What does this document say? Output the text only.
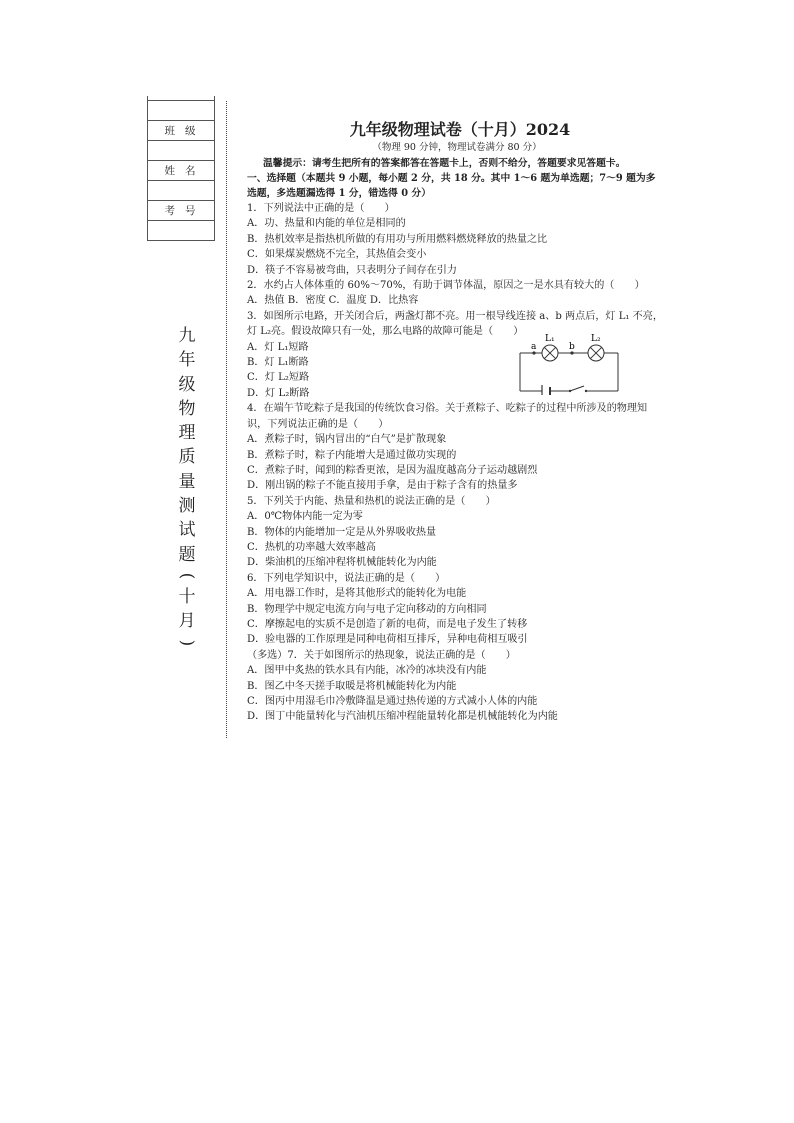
班级
姓名
考号
九
年
级
物
理
质
量
测
试
题
(
十
月
)
九年级物理试卷（十月）2024
（物理 90 分钟，物理试卷满分 80 分）
温馨提示：请考生把所有的答案都答在答题卡上，否则不给分，答题要求见答题卡。
一、选择题（本题共 9 小题，每小题 2 分，共 18 分。其中 1～6 题为单选题；7～9 题为多
选题，多选题漏选得 1 分，错选得 0 分）
1．下列说法中正确的是（　　）
A．功、热量和内能的单位是相同的
B．热机效率是指热机所做的有用功与所用燃料燃烧释放的热量之比
C．如果煤炭燃烧不完全，其热值会变小
D．筷子不容易被弯曲，只表明分子间存在引力
2．水约占人体体重的 60%～70%，有助于调节体温，原因之一是水具有较大的（　　）
A．热值 B．密度 C．温度 D．比热容
3．如图所示电路，开关闭合后，两盏灯都不亮。用一根导线连接 a、b 两点后，灯 L₁ 不亮，
灯 L₂亮。假设故障只有一处，那么电路的故障可能是（　　）
A．灯 L₁短路
B．灯 L₁断路
C．灯 L₂短路
D．灯 L₂断路
4．在端午节吃粽子是我国的传统饮食习俗。关于煮粽子、吃粽子的过程中所涉及的物理知
识，下列说法正确的是（　　）
A．煮粽子时，锅内冒出的“白气”是扩散现象
B．煮粽子时，粽子内能增大是通过做功实现的
C．煮粽子时，闻到的粽香更浓，是因为温度越高分子运动越剧烈
D．刚出锅的粽子不能直接用手拿，是由于粽子含有的热量多
5．下列关于内能、热量和热机的说法正确的是（　　）
A．0℃物体内能一定为零
B．物体的内能增加一定是从外界吸收热量
C．热机的功率越大效率越高
D．柴油机的压缩冲程将机械能转化为内能
6．下列电学知识中，说法正确的是（　　）
A．用电器工作时，是将其他形式的能转化为电能
B．物理学中规定电流方向与电子定向移动的方向相同
C．摩擦起电的实质不是创造了新的电荷，而是电子发生了转移
D．验电器的工作原理是同种电荷相互排斥，异种电荷相互吸引
（多选）7．关于如图所示的热现象，说法正确的是（　　）
A．图甲中炙热的铁水具有内能，冰冷的冰块没有内能
B．图乙中冬天搓手取暖是将机械能转化为内能
C．图丙中用湿毛巾冷敷降温是通过热传递的方式减小人体的内能
D．图丁中能量转化与汽油机压缩冲程能量转化都是机械能转化为内能
a	b
L₁	L₂
